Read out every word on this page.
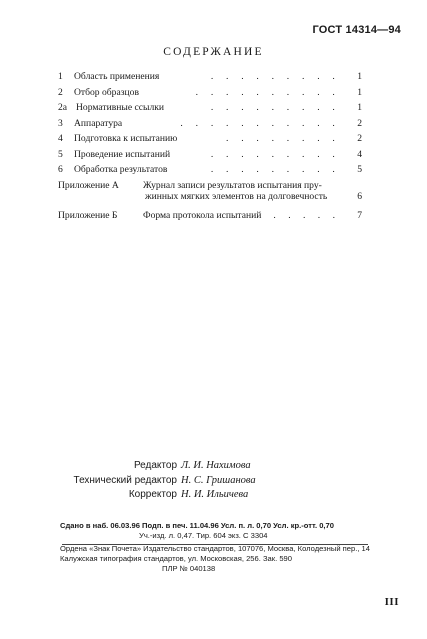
ГОСТ 14314—94
СОДЕРЖАНИЕ
1	Область применения	. . . . . . . . .	1
2	Отбор образцов	. . . . . . . . . .	1
2а Нормативные ссылки	. . . . . . . . .	1
3	Аппаратура	. . . . . . . . . . .	2
4	Подготовка к испытанию	. . . . . . . .	2
5	Проведение испытаний	. . . . . . . . .	4
6	Обработка результатов	. . . . . . . . .	5
Приложение А	Журнал записи результатов испытания пру-
жинных мягких элементов на долговечность	6
Приложение Б	Форма протокола испытаний . . . . . 7
Редактор Л. И. Нахимова
Технический редактор Н. С. Гришанова
Корректор Н. И. Ильичева
Сдано в наб. 06.03.96 Подп. в печ. 11.04.96 Усл. п. л. 0,70 Усл. кр.-отт. 0,70
Уч.-изд. л. 0,47. Тир. 604 экз. С 3304
Ордена «Знак Почета» Издательство стандартов, 107076, Москва, Колодезный пер., 14
Калужская типография стандартов, ул. Московская, 256. Зак. 590
ПЛР № 040138
III
